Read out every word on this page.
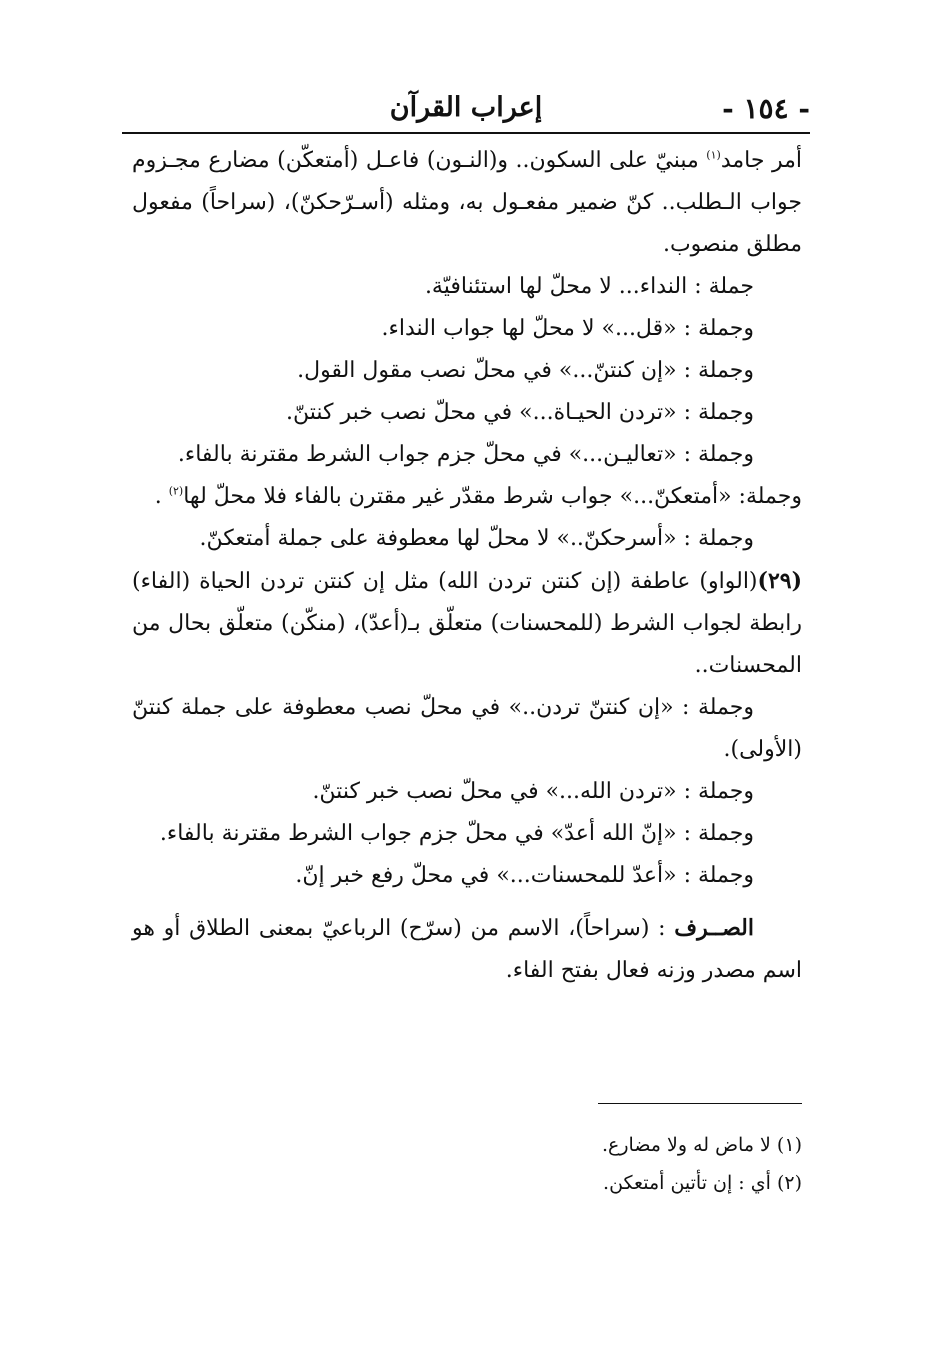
- ١٥٤ -
إعراب القرآن

أمر جامد$^{(١)}$ مبنيّ على السكون.. و(النـون) فاعـل (أمتعكّن) مضارع مجـزوم جواب الـطلب.. كنّ ضمير مفعـول به، ومثله (أسـرّحكنّ)، (سراحاً) مفعول مطلق منصوب.

جملة : النداء... لا محلّ لها استئنافيّة.
وجملة : «قل...» لا محلّ لها جواب النداء.
وجملة : «إن كنتنّ...» في محلّ نصب مقول القول.
وجملة : «تردن الحيـاة...» في محلّ نصب خبر كنتنّ.
وجملة : «تعاليـن...» في محلّ جزم جواب الشرط مقترنة بالفاء.
وجملة: «أمتعكنّ...» جواب شرط مقدّر غير مقترن بالفاء فلا محلّ لها$^{(٢)}$ .
وجملة : «أسرحكنّ..» لا محلّ لها معطوفة على جملة أمتعكنّ.

(٢٩)(الواو) عاطفة (إن كنتن تردن الله) مثل إن كنتن تردن الحياة (الفاء) رابطة لجواب الشرط (للمحسنات) متعلّق بـ(أعدّ)، (منكّن) متعلّق بحال من المحسنات..

وجملة : «إن كنتنّ تردن..» في محلّ نصب معطوفة على جملة كنتنّ (الأولى).

وجملة : «تردن الله...» في محلّ نصب خبر كنتنّ.
وجملة : «إنّ الله أعدّ» في محلّ جزم جواب الشرط مقترنة بالفاء.
وجملة : «أعدّ للمحسنات...» في محلّ رفع خبر إنّ.

الصــرف : (سراحاً)، الاسم من (سرّح) الرباعيّ بمعنى الطلاق أو هو اسم مصدر وزنه فعال بفتح الفاء.

(١) لا ماض له ولا مضارع.
(٢) أي : إن تأتين أمتعكن.
